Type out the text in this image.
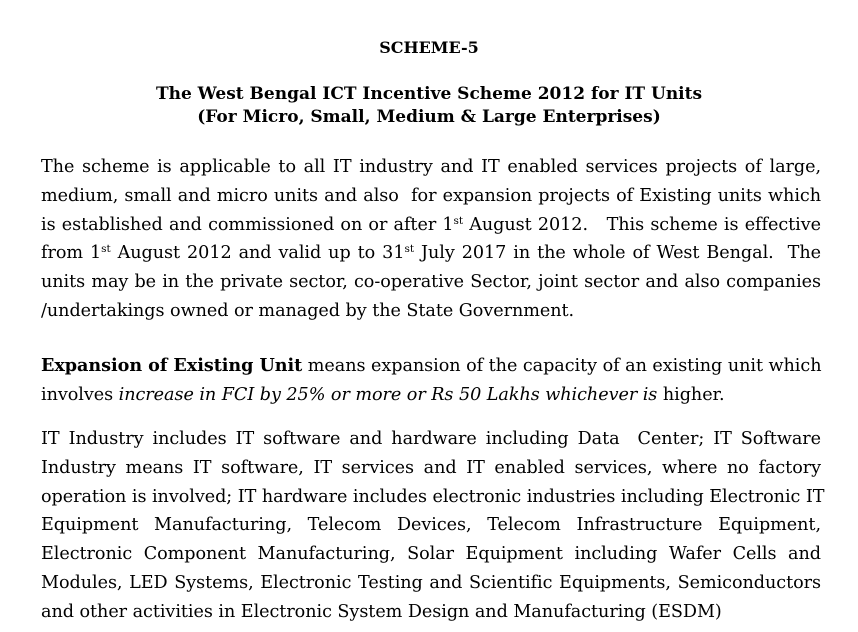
SCHEME-5
The West Bengal ICT Incentive Scheme 2012 for IT Units
(For Micro, Small, Medium & Large Enterprises)
The scheme is applicable to all IT industry and IT enabled services projects of large,
medium, small and micro units and also  for expansion projects of Existing units which
is established and commissioned on or after 1st August 2012.   This scheme is effective
from 1st August 2012 and valid up to 31st July 2017 in the whole of West Bengal.  The
units may be in the private sector, co-operative Sector, joint sector and also companies
/undertakings owned or managed by the State Government.
Expansion of Existing Unit means expansion of the capacity of an existing unit which
involves increase in FCI by 25% or more or Rs 50 Lakhs whichever is higher.
IT Industry includes IT software and hardware including Data  Center; IT Software
Industry means IT software, IT services and IT enabled services, where no factory
operation is involved; IT hardware includes electronic industries including Electronic IT
Equipment Manufacturing, Telecom Devices, Telecom Infrastructure Equipment,
Electronic Component Manufacturing, Solar Equipment including Wafer Cells and
Modules, LED Systems, Electronic Testing and Scientific Equipments, Semiconductors
and other activities in Electronic System Design and Manufacturing (ESDM)
